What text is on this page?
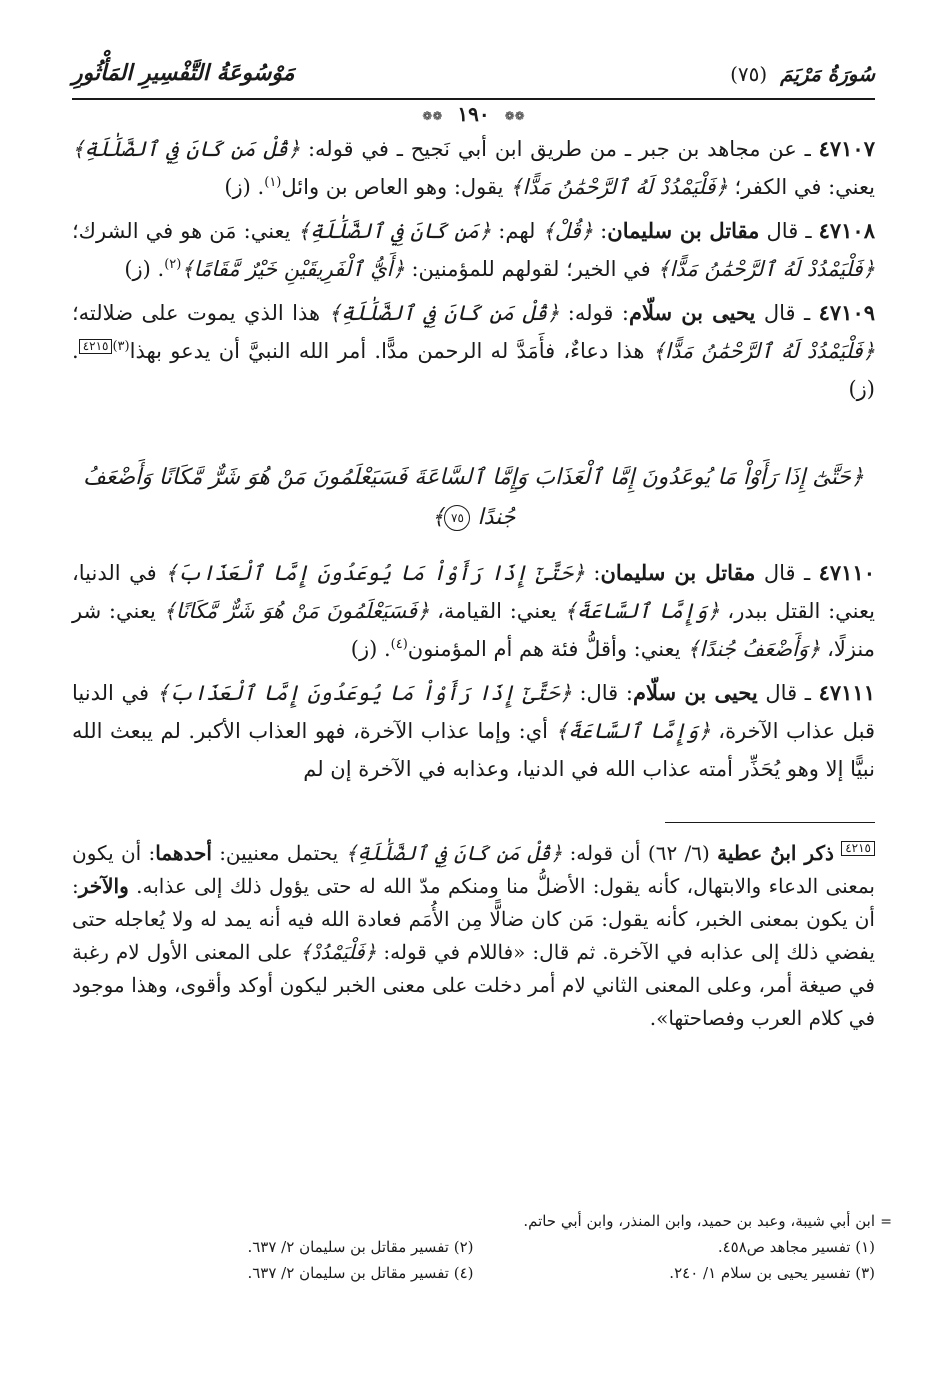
سُورَةُ مَرْيَمَ (٧٥)
مَوْسُوعَةُ التَّفْسِيرِ المَأْثُورِ
❁❁ ١٩٠ ❁❁

٤٧١٠٧ ـ عن مجاهد بن جبر ـ من طريق ابن أبي نَجيح ـ في قوله: ﴿قُلْ مَن كَانَ فِي ٱلضَّلَٰلَةِ﴾ يعني: في الكفر؛ ﴿فَلْيَمْدُدْ لَهُ ٱلرَّحْمَٰنُ مَدًّا﴾ يقول: وهو العاص بن وائل$^{(١)}$. (ز)

٤٧١٠٨ ـ قال مقاتل بن سليمان: ﴿قُلْ﴾ لهم: ﴿مَن كَانَ فِي ٱلضَّلَٰلَةِ﴾ يعني: مَن هو في الشرك؛ ﴿فَلْيَمْدُدْ لَهُ ٱلرَّحْمَٰنُ مَدًّا﴾ في الخير؛ لقولهم للمؤمنين: ﴿أَيُّ ٱلْفَرِيقَيْنِ خَيْرٌ مَّقَامًا﴾$^{(٢)}$. (ز)

٤٧١٠٩ ـ قال يحيى بن سلّام: قوله: ﴿قُلْ مَن كَانَ فِي ٱلضَّلَٰلَةِ﴾ هذا الذي يموت على ضلالته؛ ﴿فَلْيَمْدُدْ لَهُ ٱلرَّحْمَٰنُ مَدًّا﴾ هذا دعاءٌ، فأَمَدَّ له الرحمن مدًّا. أمر الله النبيَّ أن يدعو بهذا$^{(٣)}$٤٢١٥. (ز)

﴿حَتَّىٰٓ إِذَا رَأَوْاْ مَا يُوعَدُونَ إِمَّا ٱلْعَذَابَ وَإِمَّا ٱلسَّاعَةَ فَسَيَعْلَمُونَ مَنْ هُوَ شَرٌّ مَّكَانًا وَأَضْعَفُ جُندًا ٧٥﴾

٤٧١١٠ ـ قال مقاتل بن سليمان: ﴿حَتَّىٰٓ إِذَا رَأَوْاْ مَا يُوعَدُونَ إِمَّا ٱلْعَذَابَ﴾ في الدنيا، يعني: القتل ببدر، ﴿وَإِمَّا ٱلسَّاعَةَ﴾ يعني: القيامة، ﴿فَسَيَعْلَمُونَ مَنْ هُوَ شَرٌّ مَّكَانًا﴾ يعني: شر منزلًا، ﴿وَأَضْعَفُ جُندًا﴾ يعني: وأقلُّ فئة هم أم المؤمنون$^{(٤)}$. (ز)

٤٧١١١ ـ قال يحيى بن سلّام: قال: ﴿حَتَّىٰٓ إِذَا رَأَوْاْ مَا يُوعَدُونَ إِمَّا ٱلْعَذَابَ﴾ في الدنيا قبل عذاب الآخرة، ﴿وَإِمَّا ٱلسَّاعَةَ﴾ أي: وإما عذاب الآخرة، فهو العذاب الأكبر. لم يبعث الله نبيًّا إلا وهو يُحَذِّر أمته عذاب الله في الدنيا، وعذابه في الآخرة إن لم

٤٢١٥ ذكر ابنُ عطية (٦/ ٦٢) أن قوله: ﴿قُلْ مَن كَانَ فِي ٱلضَّلَٰلَةِ﴾ يحتمل معنيين: أحدهما: أن يكون بمعنى الدعاء والابتهال، كأنه يقول: الأضلُّ منا ومنكم مدّ الله له حتى يؤول ذلك إلى عذابه. والآخر: أن يكون بمعنى الخبر، كأنه يقول: مَن كان ضالًّا مِن الأُمَم فعادة الله فيه أنه يمد له ولا يُعاجله حتى يفضي ذلك إلى عذابه في الآخرة. ثم قال: «فاللام في قوله: ﴿فَلْيَمْدُدْ﴾ على المعنى الأول لام رغبة في صيغة أمر، وعلى المعنى الثاني لام أمر دخلت على معنى الخبر ليكون أوكد وأقوى، وهذا موجود في كلام العرب وفصاحتها».
=
ابن أبي شيبة، وعبد بن حميد، وابن المنذر، وابن أبي حاتم.
(١) تفسير مجاهد ص٤٥٨.
(٢) تفسير مقاتل بن سليمان ٢/ ٦٣٧.
(٣) تفسير يحيى بن سلام ١/ ٢٤٠.
(٤) تفسير مقاتل بن سليمان ٢/ ٦٣٧.
